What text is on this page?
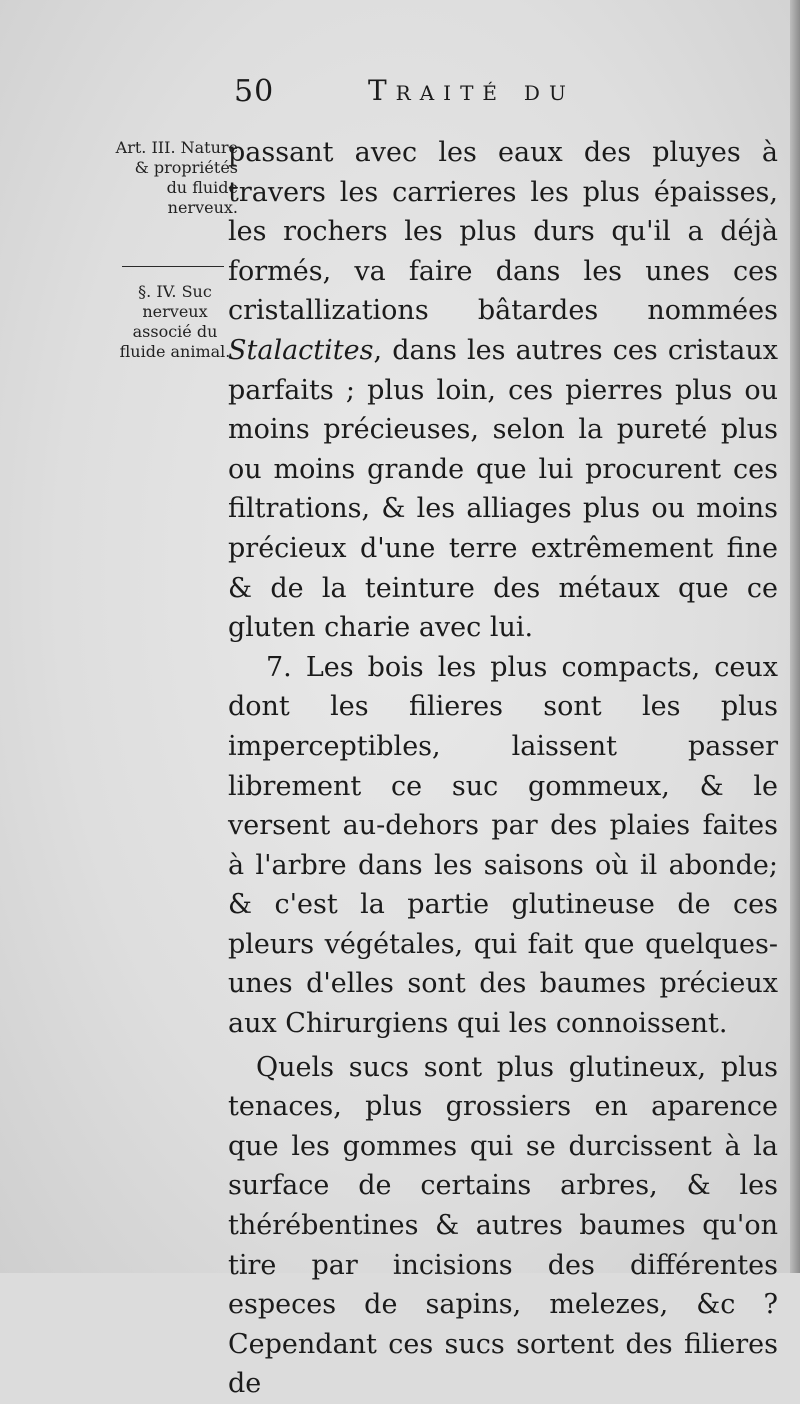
50	Traité du
Art. III. Nature & propriétés du fluide nerveux.
§. IV. Suc nerveux associé du fluide animal.

passant avec les eaux des pluyes à travers les carrieres les plus épaisses, les rochers les plus durs qu'il a déjà formés, va faire dans les unes ces cristallizations bâtardes nommées Stalactites, dans les autres ces cristaux parfaits ; plus loin, ces pierres plus ou moins précieuses, selon la pureté plus ou moins grande que lui procurent ces filtrations, & les alliages plus ou moins précieux d'une terre extrêmement fine & de la teinture des métaux que ce gluten charie avec lui.

7. Les bois les plus compacts, ceux dont les filieres sont les plus imperceptibles, laissent passer librement ce suc gommeux, & le versent au-dehors par des plaies faites à l'arbre dans les saisons où il abonde; & c'est la partie glutineuse de ces pleurs végétales, qui fait que quelques-unes d'elles sont des baumes précieux aux Chirurgiens qui les connoissent.

Quels sucs sont plus glutineux, plus tenaces, plus grossiers en aparence que les gommes qui se durcissent à la surface de certains arbres, & les thérébentines & autres baumes qu'on tire par incisions des différentes especes de sapins, melezes, &c ? Cependant ces sucs sortent des filieres de
